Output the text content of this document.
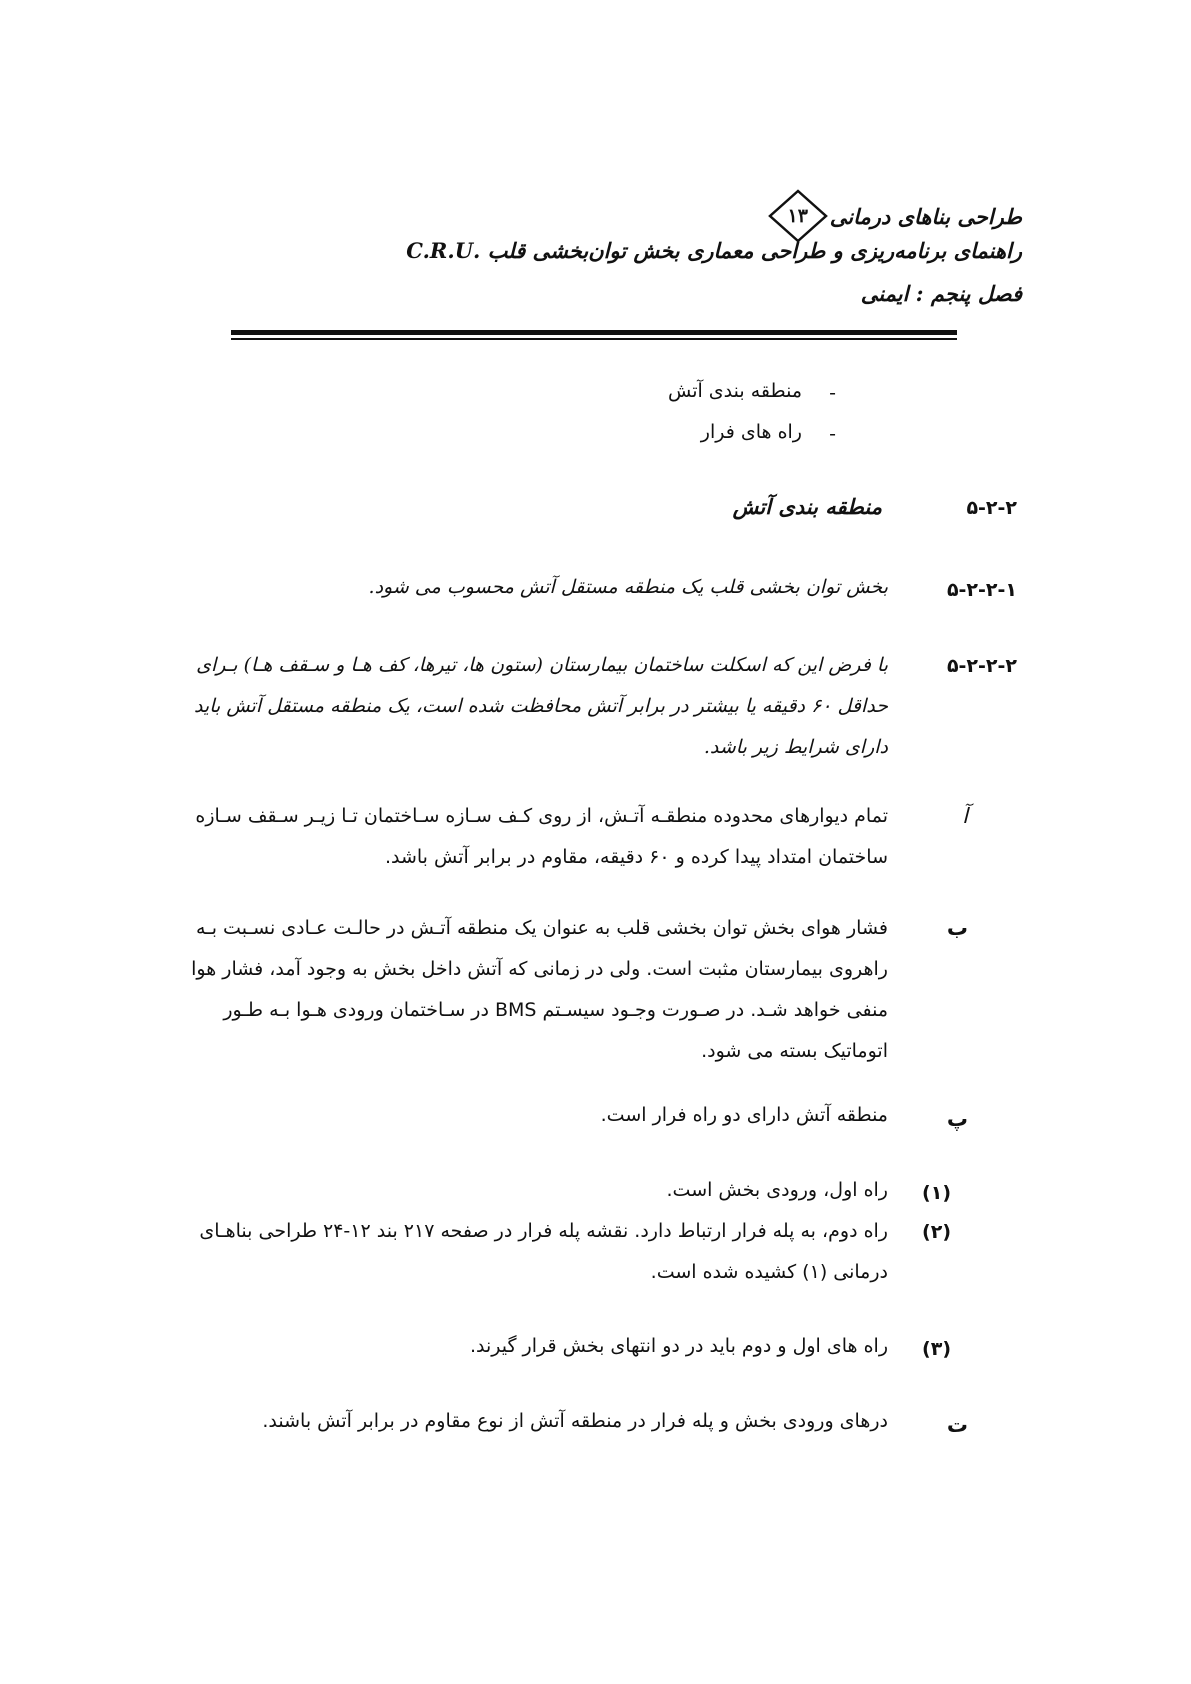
طراحی بناهای درمانی
۱۳
راهنمای برنامه‌ریزی و طراحی معماری بخش توان‌بخشی قلب .C.R.U
فصل پنجم : ایمنی
-
منطقه بندی آتش
-
راه های فرار
۵-۲-۲
منطقه بندی آتش
۵-۲-۲-۱
بخش توان بخشی قلب یک منطقه مستقل آتش محسوب می شود.
۵-۲-۲-۲
با فرض این که اسکلت ساختمان بیمارستان (ستون ها، تیرها، کف هـا و سـقف هـا) بـرای
حداقل ۶۰ دقیقه یا بیشتر در برابر آتش محافظت شده است، یک منطقه مستقل آتش باید
دارای شرایط زیر باشد.
آ
تمام دیوارهای محدوده منطقـه آتـش، از روی کـف سـازه سـاختمان تـا زیـر سـقف سـازه
ساختمان امتداد پیدا کرده و ۶۰ دقیقه، مقاوم در برابر آتش باشد.
ب
فشار هوای بخش توان بخشی قلب به عنوان یک منطقه آتـش در حالـت عـادی نسـبت بـه
راهروی بیمارستان مثبت است. ولی در زمانی که آتش داخل بخش به وجود آمد، فشار هوا
منفی خواهد شـد. در صـورت وجـود سیسـتم BMS در سـاختمان ورودی هـوا بـه طـور
اتوماتیک بسته می شود.
پ
منطقه آتش دارای دو راه فرار است.
(۱)
راه اول، ورودی بخش است.
(۲)
راه دوم، به پله فرار ارتباط دارد. نقشه پله فرار در صفحه ۲۱۷ بند ۱۲-۲۴ طراحی بناهـای
درمانی (۱) کشیده شده است.
(۳)
راه های اول و دوم باید در دو انتهای بخش قرار گیرند.
ت
درهای ورودی بخش و پله فرار در منطقه آتش از نوع مقاوم در برابر آتش باشند.
